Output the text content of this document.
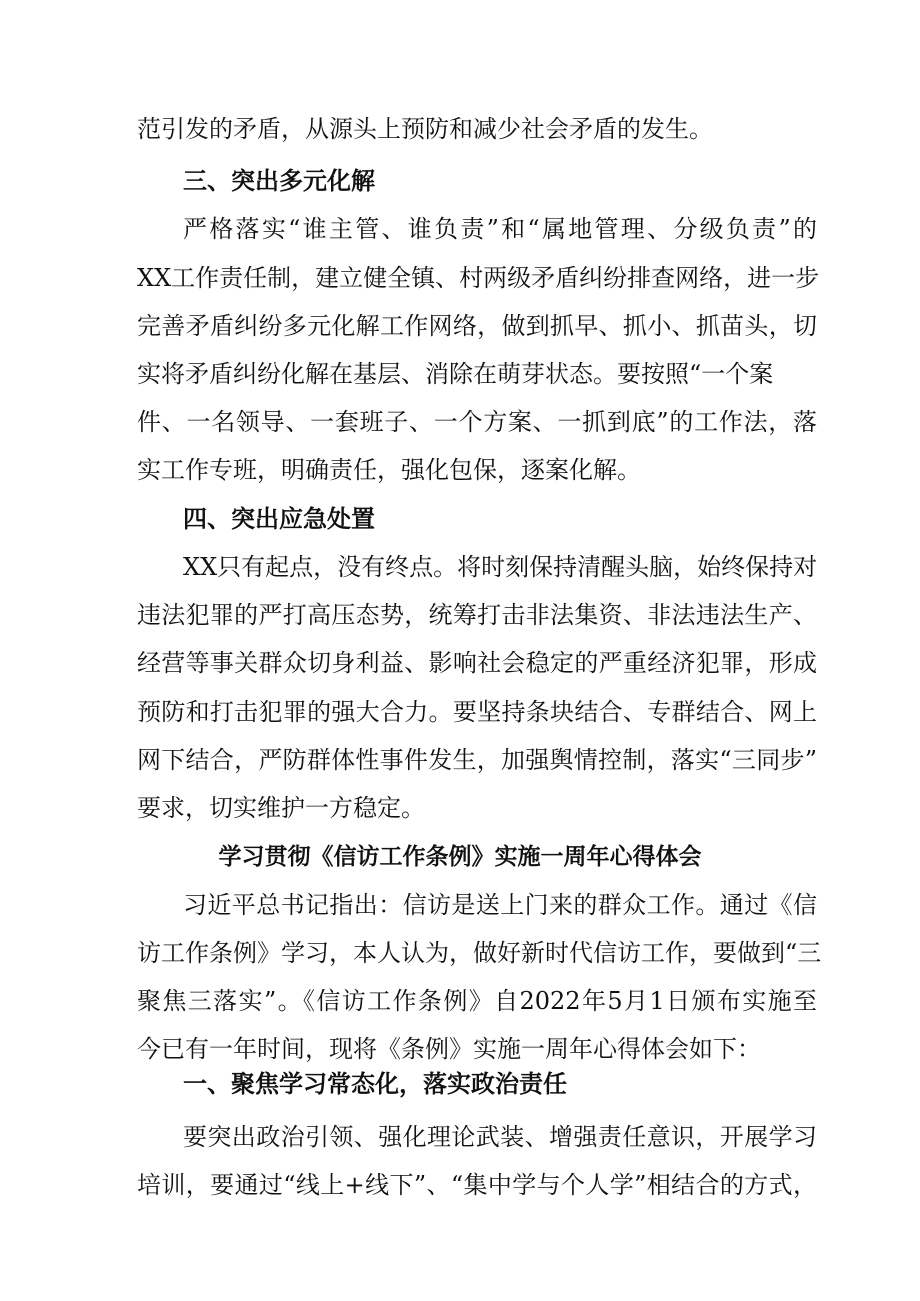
范引发的矛盾，从源头上预防和减少社会矛盾的发生。
三、突出多元化解
严格落实“谁主管、谁负责”和“属地管理、分级负责”的
XX工作责任制，建立健全镇、村两级矛盾纠纷排查网络，进一步
完善矛盾纠纷多元化解工作网络，做到抓早、抓小、抓苗头，切
实将矛盾纠纷化解在基层、消除在萌芽状态。要按照“一个案
件、一名领导、一套班子、一个方案、一抓到底”的工作法，落
实工作专班，明确责任，强化包保，逐案化解。
四、突出应急处置
XX只有起点，没有终点。将时刻保持清醒头脑，始终保持对
违法犯罪的严打高压态势，统筹打击非法集资、非法违法生产、
经营等事关群众切身利益、影响社会稳定的严重经济犯罪，形成
预防和打击犯罪的强大合力。要坚持条块结合、专群结合、网上
网下结合，严防群体性事件发生，加强舆情控制，落实“三同步”
要求，切实维护一方稳定。
学习贯彻《信访工作条例》实施一周年心得体会
习近平总书记指出：信访是送上门来的群众工作。通过《信
访工作条例》学习，本人认为，做好新时代信访工作，要做到“三
聚焦三落实”。《信访工作条例》自2022年5月1日颁布实施至
今已有一年时间，现将《条例》实施一周年心得体会如下：
一、聚焦学习常态化，落实政治责任
要突出政治引领、强化理论武装、增强责任意识，开展学习
培训，要通过“线上+线下”、“集中学与个人学”相结合的方式，
